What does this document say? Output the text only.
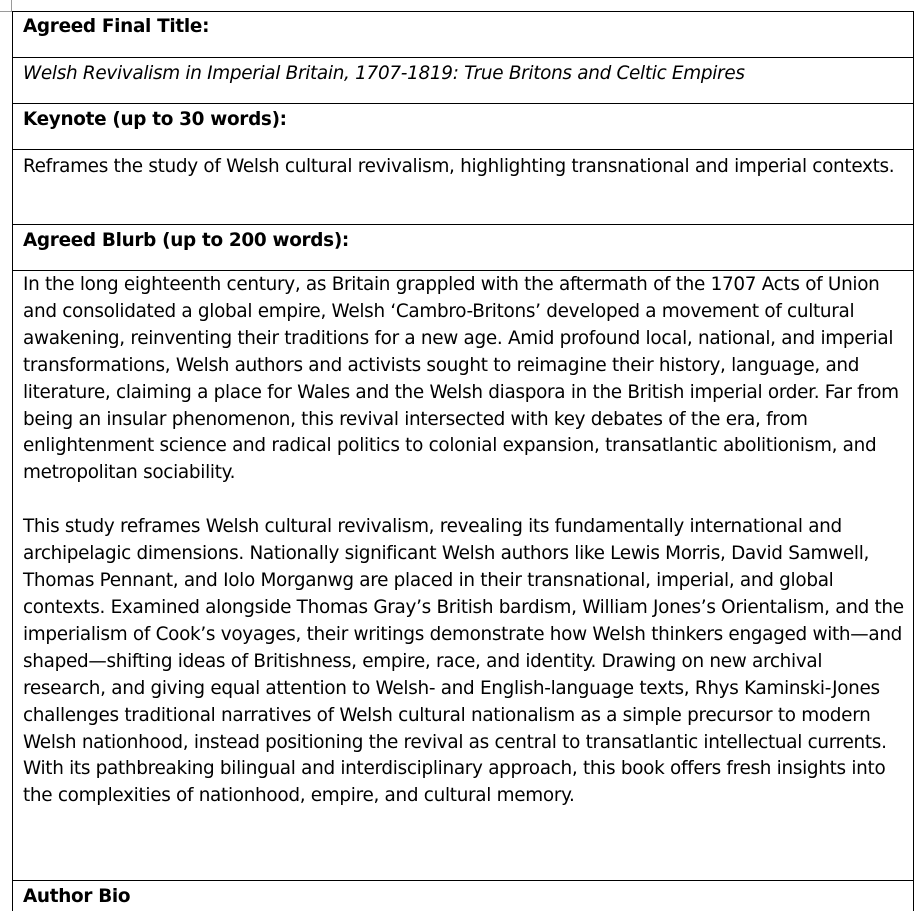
Agreed Final Title:
Welsh Revivalism in Imperial Britain, 1707-1819: True Britons and Celtic Empires
Keynote (up to 30 words):
Reframes the study of Welsh cultural revivalism, highlighting transnational and imperial contexts.
Agreed Blurb (up to 200 words):

In the long eighteenth century, as Britain grappled with the aftermath of the 1707 Acts of Union and consolidated a global empire, Welsh ‘Cambro-Britons’ developed a movement of cultural awakening, reinventing their traditions for a new age. Amid profound local, national, and imperial transformations, Welsh authors and activists sought to reimagine their history, language, and literature, claiming a place for Wales and the Welsh diaspora in the British imperial order. Far from being an insular phenomenon, this revival intersected with key debates of the era, from enlightenment science and radical politics to colonial expansion, transatlantic abolitionism, and metropolitan sociability.

This study reframes Welsh cultural revivalism, revealing its fundamentally international and archipelagic dimensions. Nationally significant Welsh authors like Lewis Morris, David Samwell, Thomas Pennant, and Iolo Morganwg are placed in their transnational, imperial, and global contexts. Examined alongside Thomas Gray’s British bardism, William Jones’s Orientalism, and the imperialism of Cook’s voyages, their writings demonstrate how Welsh thinkers engaged with—and shaped—shifting ideas of Britishness, empire, race, and identity. Drawing on new archival research, and giving equal attention to Welsh- and English-language texts, Rhys Kaminski-Jones challenges traditional narratives of Welsh cultural nationalism as a simple precursor to modern Welsh nationhood, instead positioning the revival as central to transatlantic intellectual currents. With its pathbreaking bilingual and interdisciplinary approach, this book offers fresh insights into the complexities of nationhood, empire, and cultural memory.

Author Bio
